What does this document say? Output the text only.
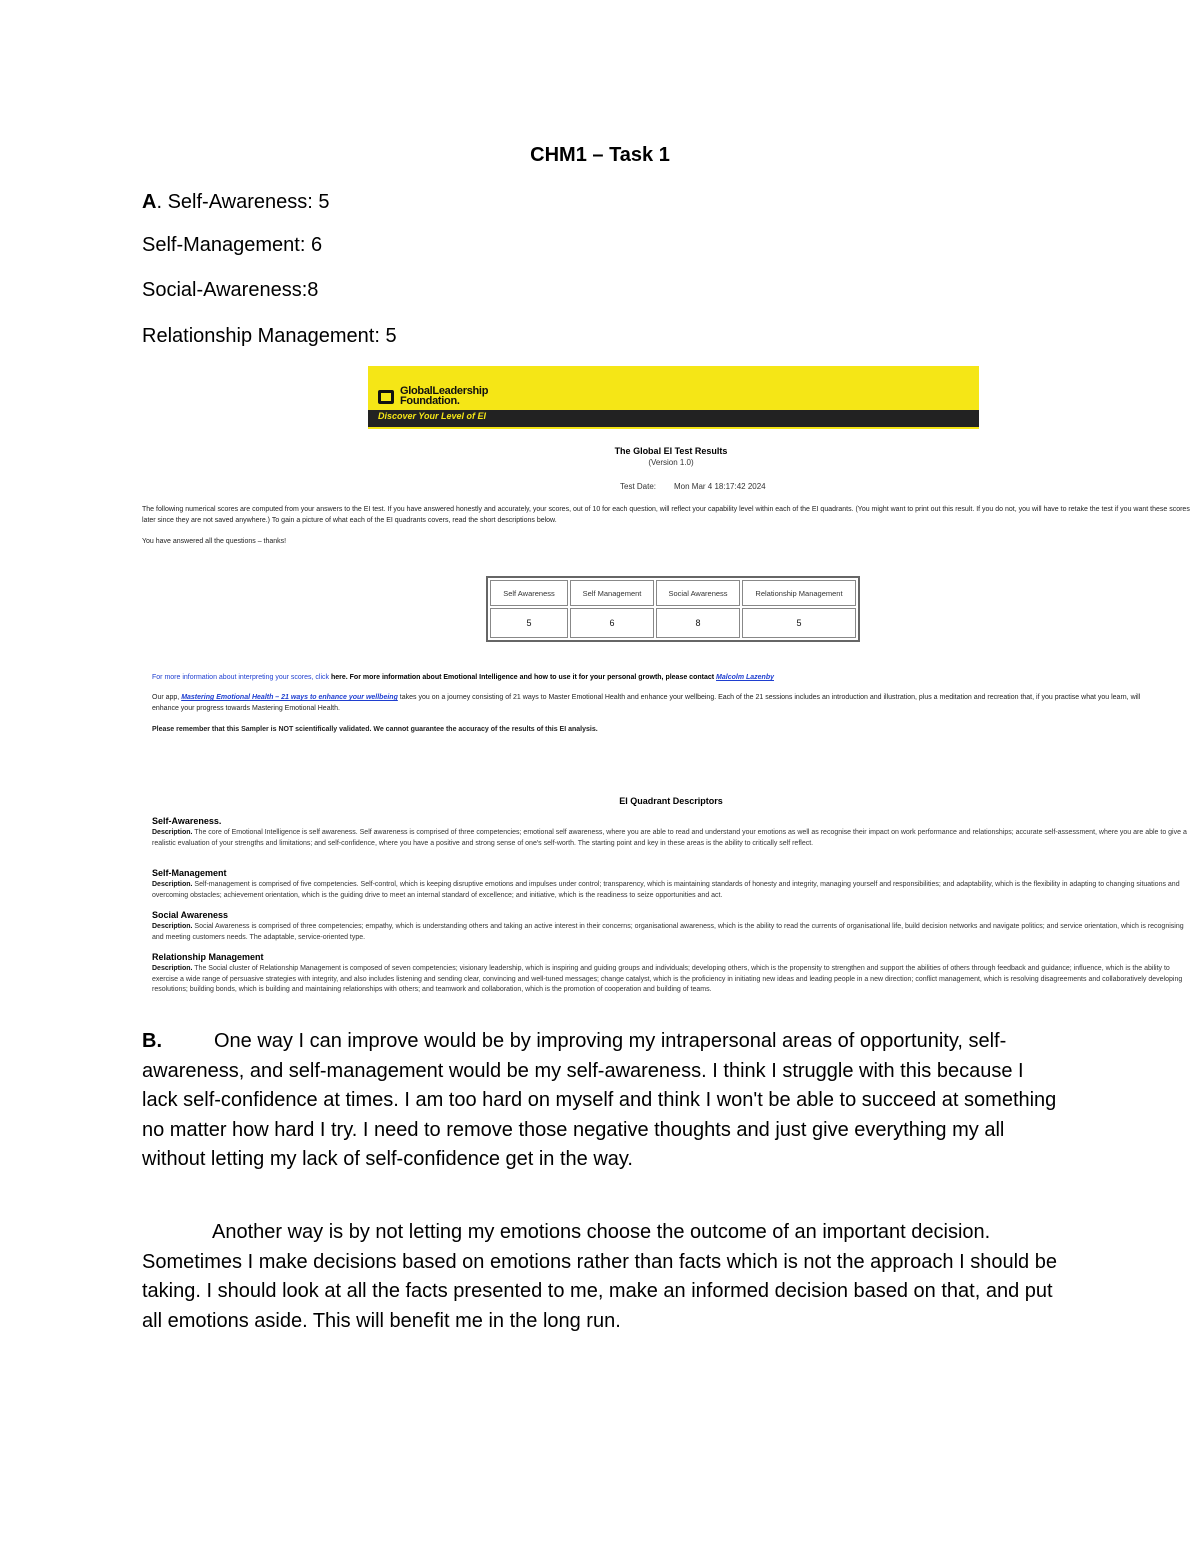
CHM1 – Task 1
A. Self-Awareness: 5
Self-Management: 6
Social-Awareness:8
Relationship Management: 5
GlobalLeadership Foundation.
Discover Your Level of EI
The Global EI Test Results
(Version 1.0)
Test Date: Mon Mar 4 18:17:42 2024
The following numerical scores are computed from your answers to the EI test. If you have answered honestly and accurately, your scores, out of 10 for each question, will reflect your capability level within each of the EI quadrants. (You might want to print out this result. If you do not, you will have to retake the test if you want these scores later since they are not saved anywhere.) To gain a picture of what each of the EI quadrants covers, read the short descriptions below.
You have answered all the questions – thanks!
Self Awareness	Self Management	Social Awareness	Relationship Management
5	6	8	5
For more information about interpreting your scores, click here. For more information about Emotional Intelligence and how to use it for your personal growth, please contact Malcolm Lazenby
Our app, Mastering Emotional Health – 21 ways to enhance your wellbeing takes you on a journey consisting of 21 ways to Master Emotional Health and enhance your wellbeing. Each of the 21 sessions includes an introduction and illustration, plus a meditation and recreation that, if you practise what you learn, will enhance your progress towards Mastering Emotional Health.
Please remember that this Sampler is NOT scientifically validated. We cannot guarantee the accuracy of the results of this EI analysis.
EI Quadrant Descriptors
Self-Awareness.
Description. The core of Emotional Intelligence is self awareness. Self awareness is comprised of three competencies; emotional self awareness, where you are able to read and understand your emotions as well as recognise their impact on work performance and relationships; accurate self-assessment, where you are able to give a realistic evaluation of your strengths and limitations; and self-confidence, where you have a positive and strong sense of one's self-worth. The starting point and key in these areas is the ability to critically self reflect.
Self-Management
Description. Self-management is comprised of five competencies. Self-control, which is keeping disruptive emotions and impulses under control; transparency, which is maintaining standards of honesty and integrity, managing yourself and responsibilities; and adaptability, which is the flexibility in adapting to changing situations and overcoming obstacles; achievement orientation, which is the guiding drive to meet an internal standard of excellence; and initiative, which is the readiness to seize opportunities and act.
Social Awareness
Description. Social Awareness is comprised of three competencies; empathy, which is understanding others and taking an active interest in their concerns; organisational awareness, which is the ability to read the currents of organisational life, build decision networks and navigate politics; and service orientation, which is recognising and meeting customers needs. The adaptable, service-oriented type.
Relationship Management
Description. The Social cluster of Relationship Management is composed of seven competencies; visionary leadership, which is inspiring and guiding groups and individuals; developing others, which is the propensity to strengthen and support the abilities of others through feedback and guidance; influence, which is the ability to exercise a wide range of persuasive strategies with integrity, and also includes listening and sending clear, convincing and well-tuned messages; change catalyst, which is the proficiency in initiating new ideas and leading people in a new direction; conflict management, which is resolving disagreements and collaboratively developing resolutions; building bonds, which is building and maintaining relationships with others; and teamwork and collaboration, which is the promotion of cooperation and building of teams.
B.	One way I can improve would be by improving my intrapersonal areas of opportunity, self-awareness, and self-management would be my self-awareness. I think I struggle with this because I lack self-confidence at times. I am too hard on myself and think I won't be able to succeed at something no matter how hard I try. I need to remove those negative thoughts and just give everything my all without letting my lack of self-confidence get in the way.
Another way is by not letting my emotions choose the outcome of an important decision. Sometimes I make decisions based on emotions rather than facts which is not the approach I should be taking. I should look at all the facts presented to me, make an informed decision based on that, and put all emotions aside. This will benefit me in the long run.
